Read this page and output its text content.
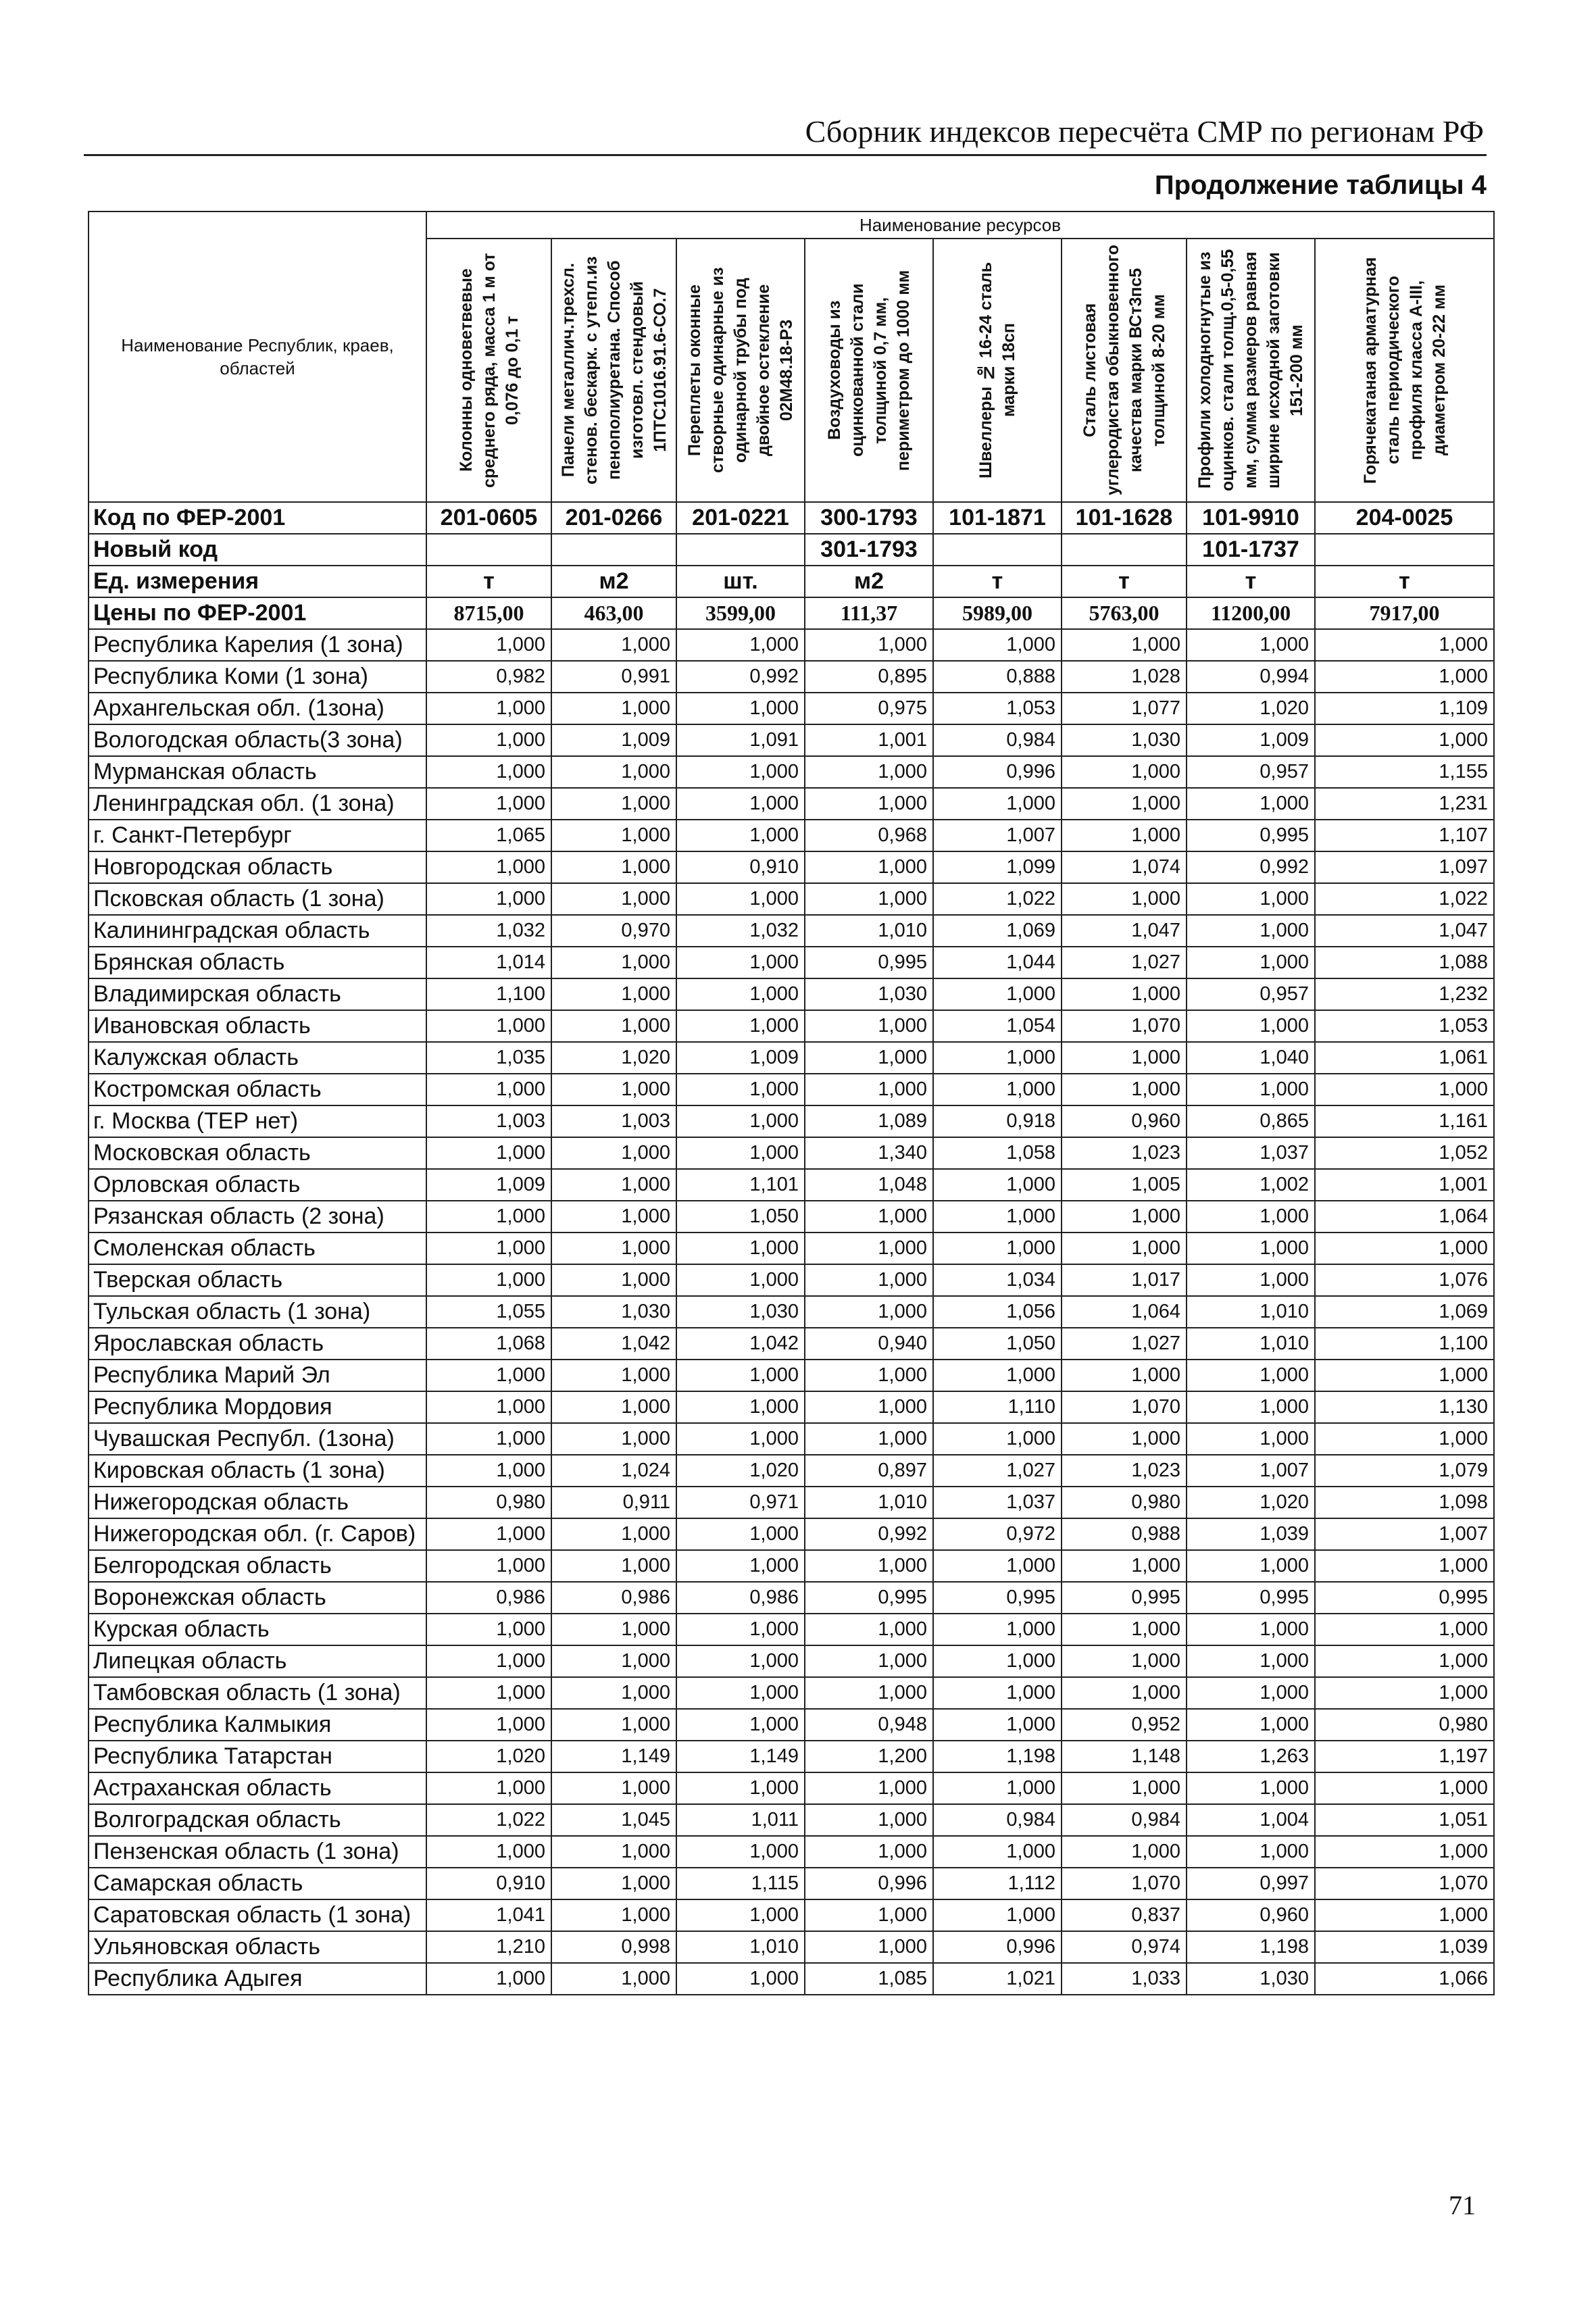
Сборник индексов пересчёта СМР по регионам РФ
Продолжение таблицы 4
Наименование Республик, краев, областей	Наименование ресурсов							

	Колонны одноветвевые среднего ряда, масса 1 м от 0,076 до 0,1 т	Панели металлич.трехсл. стенов. бескарк. с утепл.из пенополиуретана. Способ изготовл. стендовый 1ПТС1016.91.6-СО.7	Переплеты оконные створные одинарные из одинарной трубы под двойное остекление 02М48.18-Р3	Воздуховоды из оцинкованной стали толщиной 0,7 мм, периметром до 1000 мм	Швеллеры № 16-24 сталь марки 18сп	Сталь листовая углеродистая обыкновенного качества марки ВСт3пс5 толщиной 8-20 мм	Профили холодногнутые из оцинков. стали толщ.0,5-0,55 мм, сумма размеров равная ширине исходной заготовки 151-200 мм	Горячекатаная арматурная сталь периодического профиля класса А-III, диаметром 20-22 мм

Код по ФЕР-2001	201-0605	201-0266	201-0221	300-1793	101-1871	101-1628	101-9910	204-0025
Новый код				301-1793			101-1737	
Ед. измерения	т	м2	шт.	м2	т	т	т	т
Цены по ФЕР-2001	8715,00	463,00	3599,00	111,37	5989,00	5763,00	11200,00	7917,00
Республика Карелия (1 зона)	1,000	1,000	1,000	1,000	1,000	1,000	1,000	1,000
Республика Коми (1 зона)	0,982	0,991	0,992	0,895	0,888	1,028	0,994	1,000
Архангельская обл. (1зона)	1,000	1,000	1,000	0,975	1,053	1,077	1,020	1,109
Вологодская область(3 зона)	1,000	1,009	1,091	1,001	0,984	1,030	1,009	1,000
Мурманская область	1,000	1,000	1,000	1,000	0,996	1,000	0,957	1,155
Ленинградская обл. (1 зона)	1,000	1,000	1,000	1,000	1,000	1,000	1,000	1,231
г. Санкт-Петербург	1,065	1,000	1,000	0,968	1,007	1,000	0,995	1,107
Новгородская область	1,000	1,000	0,910	1,000	1,099	1,074	0,992	1,097
Псковская область (1 зона)	1,000	1,000	1,000	1,000	1,022	1,000	1,000	1,022
Калининградская область	1,032	0,970	1,032	1,010	1,069	1,047	1,000	1,047
Брянская область	1,014	1,000	1,000	0,995	1,044	1,027	1,000	1,088
Владимирская область	1,100	1,000	1,000	1,030	1,000	1,000	0,957	1,232
Ивановская область	1,000	1,000	1,000	1,000	1,054	1,070	1,000	1,053
Калужская область	1,035	1,020	1,009	1,000	1,000	1,000	1,040	1,061
Костромская область	1,000	1,000	1,000	1,000	1,000	1,000	1,000	1,000
г. Москва (ТЕР нет)	1,003	1,003	1,000	1,089	0,918	0,960	0,865	1,161
Московская область	1,000	1,000	1,000	1,340	1,058	1,023	1,037	1,052
Орловская область	1,009	1,000	1,101	1,048	1,000	1,005	1,002	1,001
Рязанская область (2 зона)	1,000	1,000	1,050	1,000	1,000	1,000	1,000	1,064
Смоленская область	1,000	1,000	1,000	1,000	1,000	1,000	1,000	1,000
Тверская область	1,000	1,000	1,000	1,000	1,034	1,017	1,000	1,076
Тульская область (1 зона)	1,055	1,030	1,030	1,000	1,056	1,064	1,010	1,069
Ярославская область	1,068	1,042	1,042	0,940	1,050	1,027	1,010	1,100
Республика Марий Эл	1,000	1,000	1,000	1,000	1,000	1,000	1,000	1,000
Республика Мордовия	1,000	1,000	1,000	1,000	1,110	1,070	1,000	1,130
Чувашская Республ. (1зона)	1,000	1,000	1,000	1,000	1,000	1,000	1,000	1,000
Кировская область (1 зона)	1,000	1,024	1,020	0,897	1,027	1,023	1,007	1,079
Нижегородская область	0,980	0,911	0,971	1,010	1,037	0,980	1,020	1,098
Нижегородская обл. (г. Саров)	1,000	1,000	1,000	0,992	0,972	0,988	1,039	1,007
Белгородская область	1,000	1,000	1,000	1,000	1,000	1,000	1,000	1,000
Воронежская область	0,986	0,986	0,986	0,995	0,995	0,995	0,995	0,995
Курская область	1,000	1,000	1,000	1,000	1,000	1,000	1,000	1,000
Липецкая область	1,000	1,000	1,000	1,000	1,000	1,000	1,000	1,000
Тамбовская область (1 зона)	1,000	1,000	1,000	1,000	1,000	1,000	1,000	1,000
Республика Калмыкия	1,000	1,000	1,000	0,948	1,000	0,952	1,000	0,980
Республика Татарстан	1,020	1,149	1,149	1,200	1,198	1,148	1,263	1,197
Астраханская область	1,000	1,000	1,000	1,000	1,000	1,000	1,000	1,000
Волгоградская область	1,022	1,045	1,011	1,000	0,984	0,984	1,004	1,051
Пензенская область (1 зона)	1,000	1,000	1,000	1,000	1,000	1,000	1,000	1,000
Самарская область	0,910	1,000	1,115	0,996	1,112	1,070	0,997	1,070
Саратовская область (1 зона)	1,041	1,000	1,000	1,000	1,000	0,837	0,960	1,000
Ульяновская область	1,210	0,998	1,010	1,000	0,996	0,974	1,198	1,039
Республика Адыгея	1,000	1,000	1,000	1,085	1,021	1,033	1,030	1,066
71
